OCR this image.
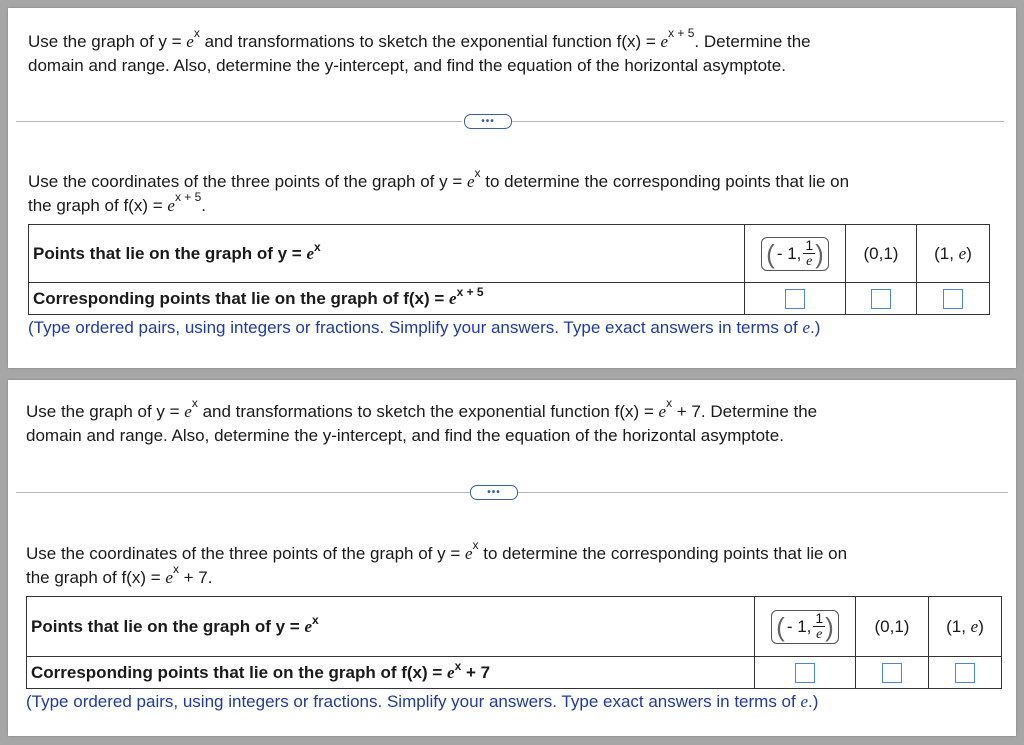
Use the graph of $y = e^x$ and transformations to sketch the exponential function $f(x) = e^{x + 5}$. Determine the
domain and range. Also, determine the y-intercept, and find the equation of the horizontal asymptote.

•••

Use the coordinates of the three points of the graph of $y = e^x$ to determine the corresponding points that lie on
the graph of $f(x) = e^{x + 5}$.

Points that lie on the graph of $y = e^x$	( - 1, $\frac{1}{e}$ )	(0,1)	(1, e)
Corresponding points that lie on the graph of $f(x) = e^{x + 5}$			

(Type ordered pairs, using integers or fractions. Simplify your answers. Type exact answers in terms of e.)

Use the graph of $y = e^x$ and transformations to sketch the exponential function $f(x) = e^x + 7$. Determine the
domain and range. Also, determine the y-intercept, and find the equation of the horizontal asymptote.

•••

Use the coordinates of the three points of the graph of $y = e^x$ to determine the corresponding points that lie on
the graph of $f(x) = e^x + 7$.

Points that lie on the graph of $y = e^x$	( - 1, $\frac{1}{e}$ )	(0,1)	(1, e)
Corresponding points that lie on the graph of $f(x) = e^x + 7$			

(Type ordered pairs, using integers or fractions. Simplify your answers. Type exact answers in terms of e.)
